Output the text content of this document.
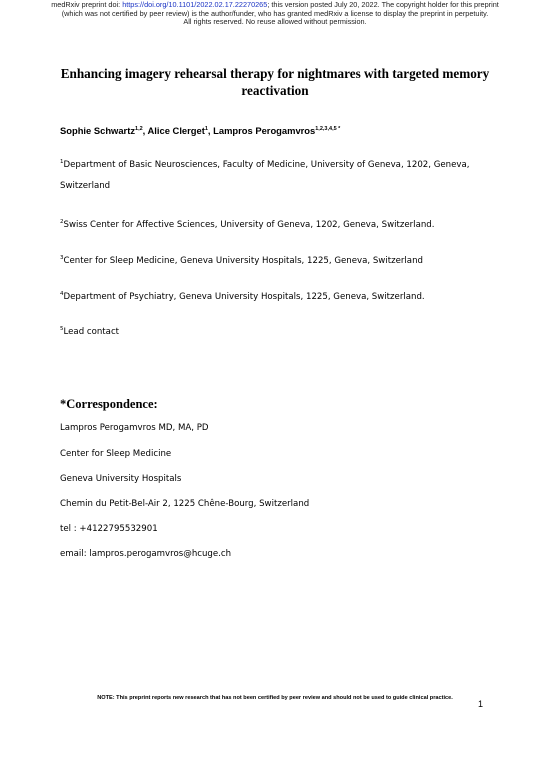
medRxiv preprint doi: https://doi.org/10.1101/2022.02.17.22270265; this version posted July 20, 2022. The copyright holder for this preprint
(which was not certified by peer review) is the author/funder, who has granted medRxiv a license to display the preprint in perpetuity.
All rights reserved. No reuse allowed without permission.
Enhancing imagery rehearsal therapy for nightmares with targeted memory reactivation
Sophie Schwartz$^{1,2}$, Alice Clerget$^1$, Lampros Perogamvros$^{1,2,3,4,5 *}$
$^1$Department of Basic Neurosciences, Faculty of Medicine, University of Geneva, 1202, Geneva,
Switzerland
$^2$Swiss Center for Affective Sciences, University of Geneva, 1202, Geneva, Switzerland.
$^3$Center for Sleep Medicine, Geneva University Hospitals, 1225, Geneva, Switzerland
$^4$Department of Psychiatry, Geneva University Hospitals, 1225, Geneva, Switzerland.
$^5$Lead contact
*Correspondence:
Lampros Perogamvros MD, MA, PD
Center for Sleep Medicine
Geneva University Hospitals
Chemin du Petit-Bel-Air 2, 1225 Chêne-Bourg, Switzerland
tel : +4122795532901
email: lampros.perogamvros@hcuge.ch
NOTE: This preprint reports new research that has not been certified by peer review and should not be used to guide clinical practice.
1
